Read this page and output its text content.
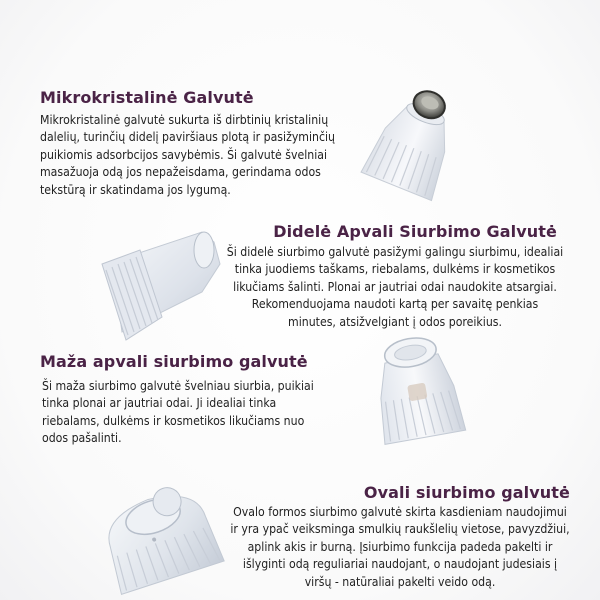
Mikrokristalinė Galvutė
Mikrokristalinė galvutė sukurta iš dirbtinių kristalinių
dalelių, turinčių didelį paviršiaus plotą ir pasižyminčių
puikiomis adsorbcijos savybėmis. Ši galvutė švelniai
masažuoja odą jos nepažeisdama, gerindama odos
tekstūrą ir skatindama jos lygumą.
Didelė Apvali Siurbimo Galvutė
Ši didelė siurbimo galvutė pasižymi galingu siurbimu, idealiai
tinka juodiems taškams, riebalams, dulkėms ir kosmetikos
likučiams šalinti. Plonai ar jautriai odai naudokite atsargiai.
Rekomenduojama naudoti kartą per savaitę penkias
minutes, atsižvelgiant į odos poreikius.
Maža apvali siurbimo galvutė
Ši maža siurbimo galvutė švelniau siurbia, puikiai
tinka plonai ar jautriai odai. Ji idealiai tinka
riebalams, dulkėms ir kosmetikos likučiams nuo
odos pašalinti.
Ovali siurbimo galvutė
Ovalo formos siurbimo galvutė skirta kasdieniam naudojimui
ir yra ypač veiksminga smulkių raukšlelių vietose, pavyzdžiui,
aplink akis ir burną. Įsiurbimo funkcija padeda pakelti ir
išlyginti odą reguliariai naudojant, o naudojant judesiais į
viršų - natūraliai pakelti veido odą.
